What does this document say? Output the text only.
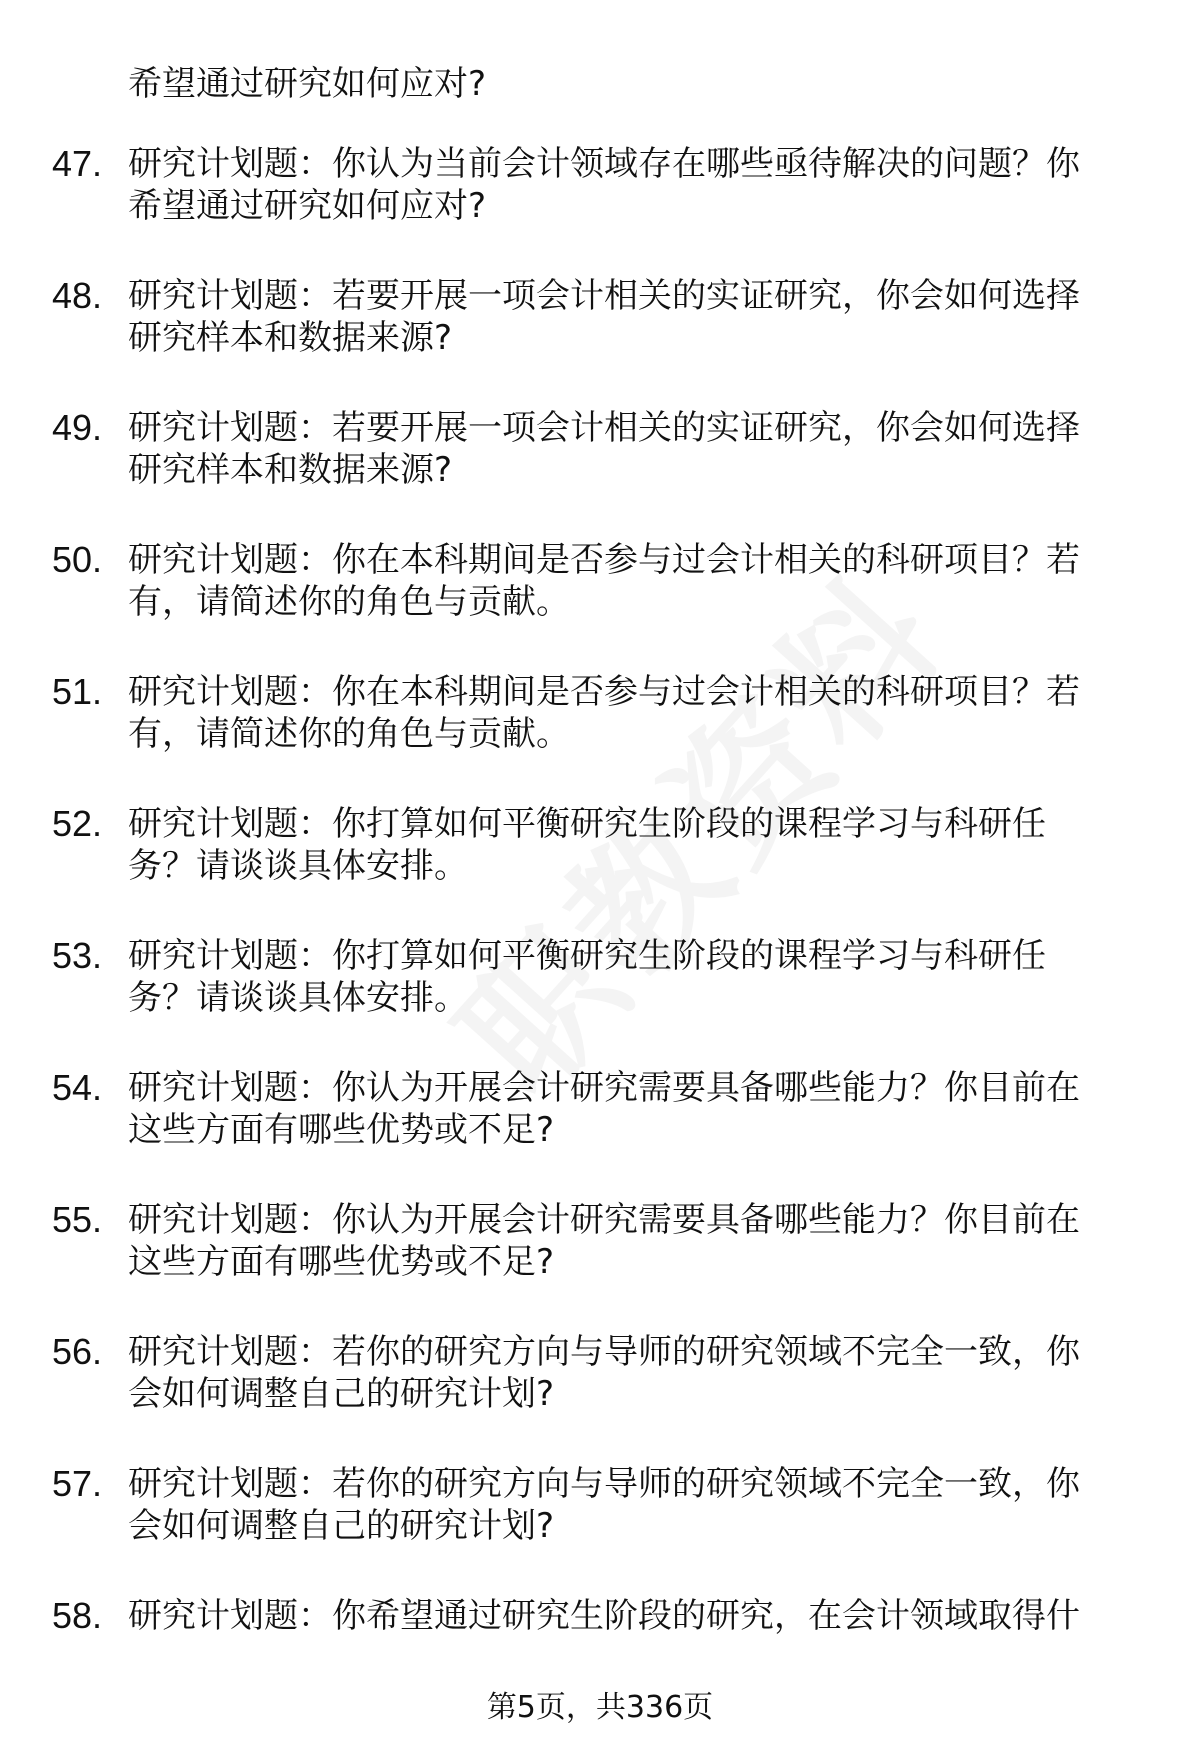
希望通过研究如何应对?
47. 研究计划题：你认为当前会计领域存在哪些亟待解决的问题？你
希望通过研究如何应对?
48. 研究计划题：若要开展一项会计相关的实证研究，你会如何选择
研究样本和数据来源?
49. 研究计划题：若要开展一项会计相关的实证研究，你会如何选择
研究样本和数据来源?
50. 研究计划题：你在本科期间是否参与过会计相关的科研项目？若
有，请简述你的角色与贡献。
51. 研究计划题：你在本科期间是否参与过会计相关的科研项目？若
有，请简述你的角色与贡献。
52. 研究计划题：你打算如何平衡研究生阶段的课程学习与科研任
务？请谈谈具体安排。
53. 研究计划题：你打算如何平衡研究生阶段的课程学习与科研任
务？请谈谈具体安排。
54. 研究计划题：你认为开展会计研究需要具备哪些能力？你目前在
这些方面有哪些优势或不足?
55. 研究计划题：你认为开展会计研究需要具备哪些能力？你目前在
这些方面有哪些优势或不足?
56. 研究计划题：若你的研究方向与导师的研究领域不完全一致，你
会如何调整自己的研究计划?
57. 研究计划题：若你的研究方向与导师的研究领域不完全一致，你
会如何调整自己的研究计划?
58. 研究计划题：你希望通过研究生阶段的研究，在会计领域取得什
第5页，共336页
